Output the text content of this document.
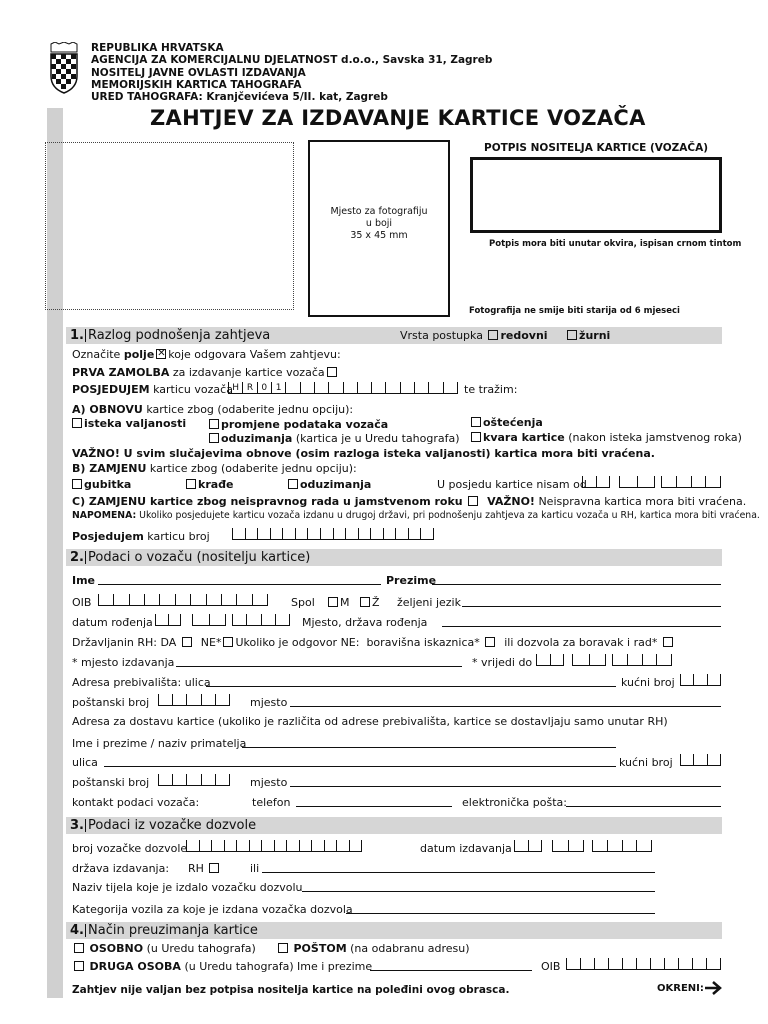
REPUBLIKA HRVATSKA
AGENCIJA ZA KOMERCIJALNU DJELATNOST d.o.o., Savska 31, Zagreb
NOSITELJ JAVNE OVLASTI IZDAVANJA
MEMORIJSKIH KARTICA TAHOGRAFA
URED TAHOGRAFA: Kranjčevićeva 5/II. kat, Zagreb
ZAHTJEV ZA IZDAVANJE KARTICE VOZAČA
Mjesto za fotografiju
u boji
35 x 45 mm
POTPIS NOSITELJA KARTICE (VOZAČA)
Potpis mora biti unutar okvira, ispisan crnom tintom
Fotografija ne smije biti starija od 6 mjeseci
1. Razlog podnošenja zahtjeva	Vrsta postupka redovni	žurni
Označite polje✕ koje odgovara Vašem zahtjevu:
PRVA ZAMOLBA za izdavanje kartice vozača
POSJEDUJEM karticu vozača H R 0 1	te tražim:
A) OBNOVU kartice zbog (odaberite jednu opciju):
isteka valjanosti	promjene podataka vozača	oštećenja
oduzimanja (kartica je u Uredu tahografa)	kvara kartice (nakon isteka jamstvenog roka)
VAŽNO! U svim slučajevima obnove (osim razloga isteka valjanosti) kartica mora biti vraćena.
B) ZAMJENU kartice zbog (odaberite jednu opciju):
gubitka	krađe	oduzimanja	U posjedu kartice nisam od
C) ZAMJENU kartice zbog neispravnog rada u jamstvenom roku VAŽNO! Neispravna kartica mora biti vraćena.
NAPOMENA: Ukoliko posjedujete karticu vozača izdanu u drugoj državi, pri podnošenju zahtjeva za karticu vozača u RH, kartica mora biti vraćena.
Posjedujem karticu broj
2. Podaci o vozaču (nositelju kartice)
Ime	Prezime
OIB	Spol	M	Ž željeni jezik
datum rođenja	Mjesto, država rođenja
Državljanin RH: DA NE* Ukoliko je odgovor NE: boravišna iskaznica* ili dozvola za boravak i rad*
* mjesto izdavanja	* vrijedi do
Adresa prebivališta: ulica	kućni broj
poštanski broj	mjesto
Adresa za dostavu kartice (ukoliko je različita od adrese prebivališta, kartice se dostavljaju samo unutar RH)
Ime i prezime / naziv primatelja
ulica	kućni broj
poštanski broj	mjesto
kontakt podaci vozača:	telefon	elektronička pošta:
3. Podaci iz vozačke dozvole
broj vozačke dozvole	datum izdavanja
država izdavanja: RH	ili
Naziv tijela koje je izdalo vozačku dozvolu
Kategorija vozila za koje je izdana vozačka dozvola
4. Način preuzimanja kartice
OSOBNO (u Uredu tahografa)	POŠTOM (na odabranu adresu)
DRUGA OSOBA (u Uredu tahografa) Ime i prezime	OIB
Zahtjev nije valjan bez potpisa nositelja kartice na poleđini ovog obrasca.	OKRENI:
